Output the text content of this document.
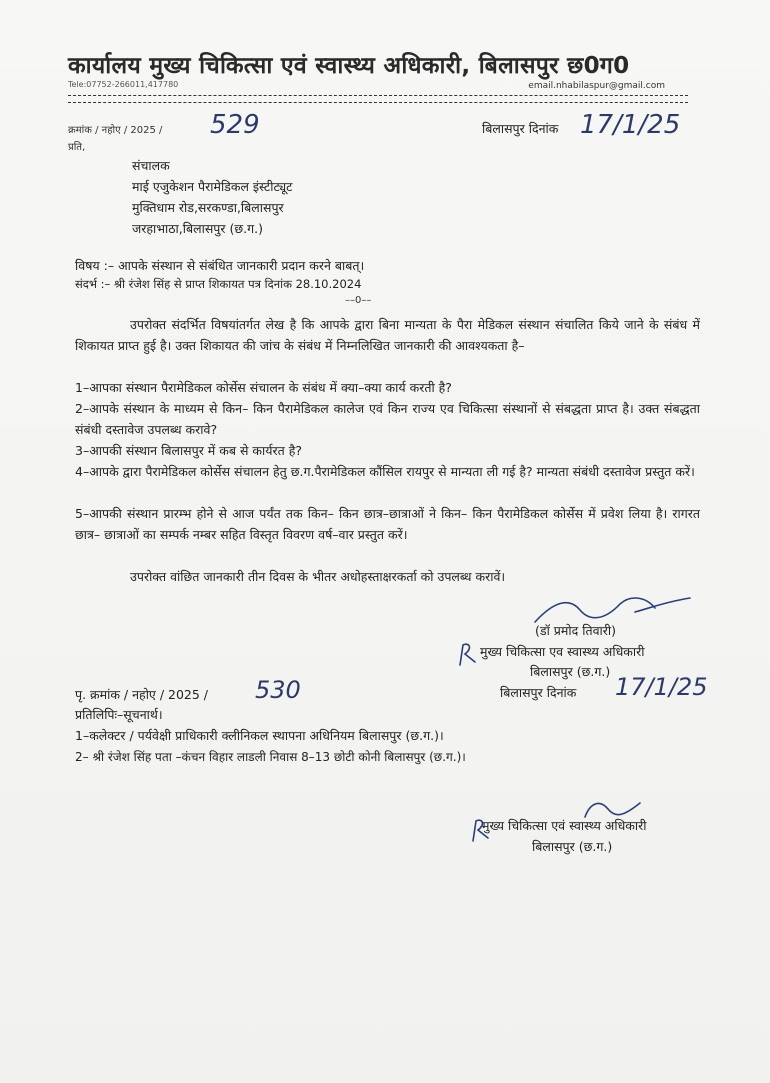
कार्यालय मुख्य चिकित्सा एवं स्वास्थ्य अधिकारी, बिलासपुर छ0ग0
Tele:07752-266011,417780	email.nhabilaspur@gmail.com
क्रमांक / नहोए / 2025 / 529	बिलासपुर दिनांक 17/1/25
प्रति,
संचालक
माई एजुकेशन पैरामेडिकल इंस्टीट्यूट
मुक्तिधाम रोड,सरकण्डा,बिलासपुर
जरहाभाठा,बिलासपुर (छ.ग.)
विषय :– आपके संस्थान से संबंधित जानकारी प्रदान करने बाबत्।
संदर्भ :– श्री रंजेश सिंह से प्राप्त शिकायत पत्र दिनांक 28.10.2024
––0––
उपरोक्त संदर्भित विषयांतर्गत लेख है कि आपके द्वारा बिना मान्यता के पैरा मेडिकल संस्थान संचालित किये जाने के संबंध में शिकायत प्राप्त हुई है। उक्त शिकायत की जांच के संबंध में निम्नलिखित जानकारी की आवश्यकता है–
1–आपका संस्थान पैरामेडिकल कोर्सेस संचालन के संबंध में क्या–क्या कार्य करती है?
2–आपके संस्थान के माध्यम से किन– किन पैरामेडिकल कालेज एवं किन राज्य एव चिकित्सा संस्थानों से संबद्धता प्राप्त है। उक्त संबद्धता संबंधी दस्तावेज उपलब्ध करावे?
3–आपकी संस्थान बिलासपुर में कब से कार्यरत है?
4–आपके द्वारा पैरामेडिकल कोर्सेस संचालन हेतु छ.ग.पैरामेडिकल कौंसिल रायपुर से मान्यता ली गई है? मान्यता संबंधी दस्तावेज प्रस्तुत करें।
5–आपकी संस्थान प्रारम्भ होने से आज पर्यंत तक किन– किन छात्र–छात्राओं ने किन– किन पैरामेडिकल कोर्सेस में प्रवेश लिया है। रागरत छात्र– छात्राओं का सम्पर्क नम्बर सहित विस्तृत विवरण वर्ष–वार प्रस्तुत करें।
उपरोक्त वांछित जानकारी तीन दिवस के भीतर अधोहस्ताक्षरकर्ता को उपलब्ध करावें।
(डॉ प्रमोद तिवारी)
मुख्य चिकित्सा एव स्वास्थ्य अधिकारी
बिलासपुर (छ.ग.)
पृ. क्रमांक / नहोए / 2025 / 530	बिलासपुर दिनांक 17/1/25
प्रतिलिपिः–सूचनार्थ।
1–कलेक्टर / पर्यवेक्षी प्राधिकारी क्लीनिकल स्थापना अधिनियम बिलासपुर (छ.ग.)।
2– श्री रंजेश सिंह पता –कंचन विहार लाडली निवास 8–13 छोटी कोनी बिलासपुर (छ.ग.)।
मुख्य चिकित्सा एवं स्वास्थ्य अधिकारी
बिलासपुर (छ.ग.)
